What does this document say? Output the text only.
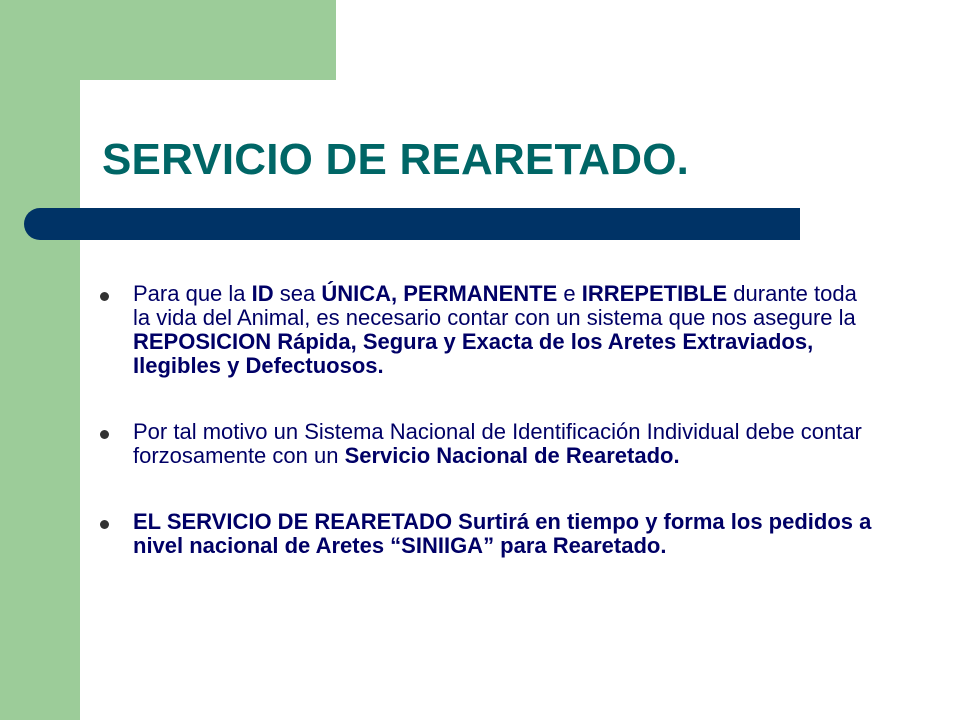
SERVICIO DE REARETADO.
Para que la ID sea ÚNICA, PERMANENTE e IRREPETIBLE durante toda la vida del Animal, es necesario contar con un sistema que nos asegure la REPOSICION Rápida, Segura y Exacta de los Aretes Extraviados, Ilegibles y Defectuosos.
Por tal motivo un Sistema Nacional de Identificación Individual debe contar forzosamente con un Servicio Nacional de Rearetado.
EL SERVICIO DE REARETADO Surtirá en tiempo y forma los pedidos a nivel nacional de Aretes “SINIIGA” para Rearetado.
